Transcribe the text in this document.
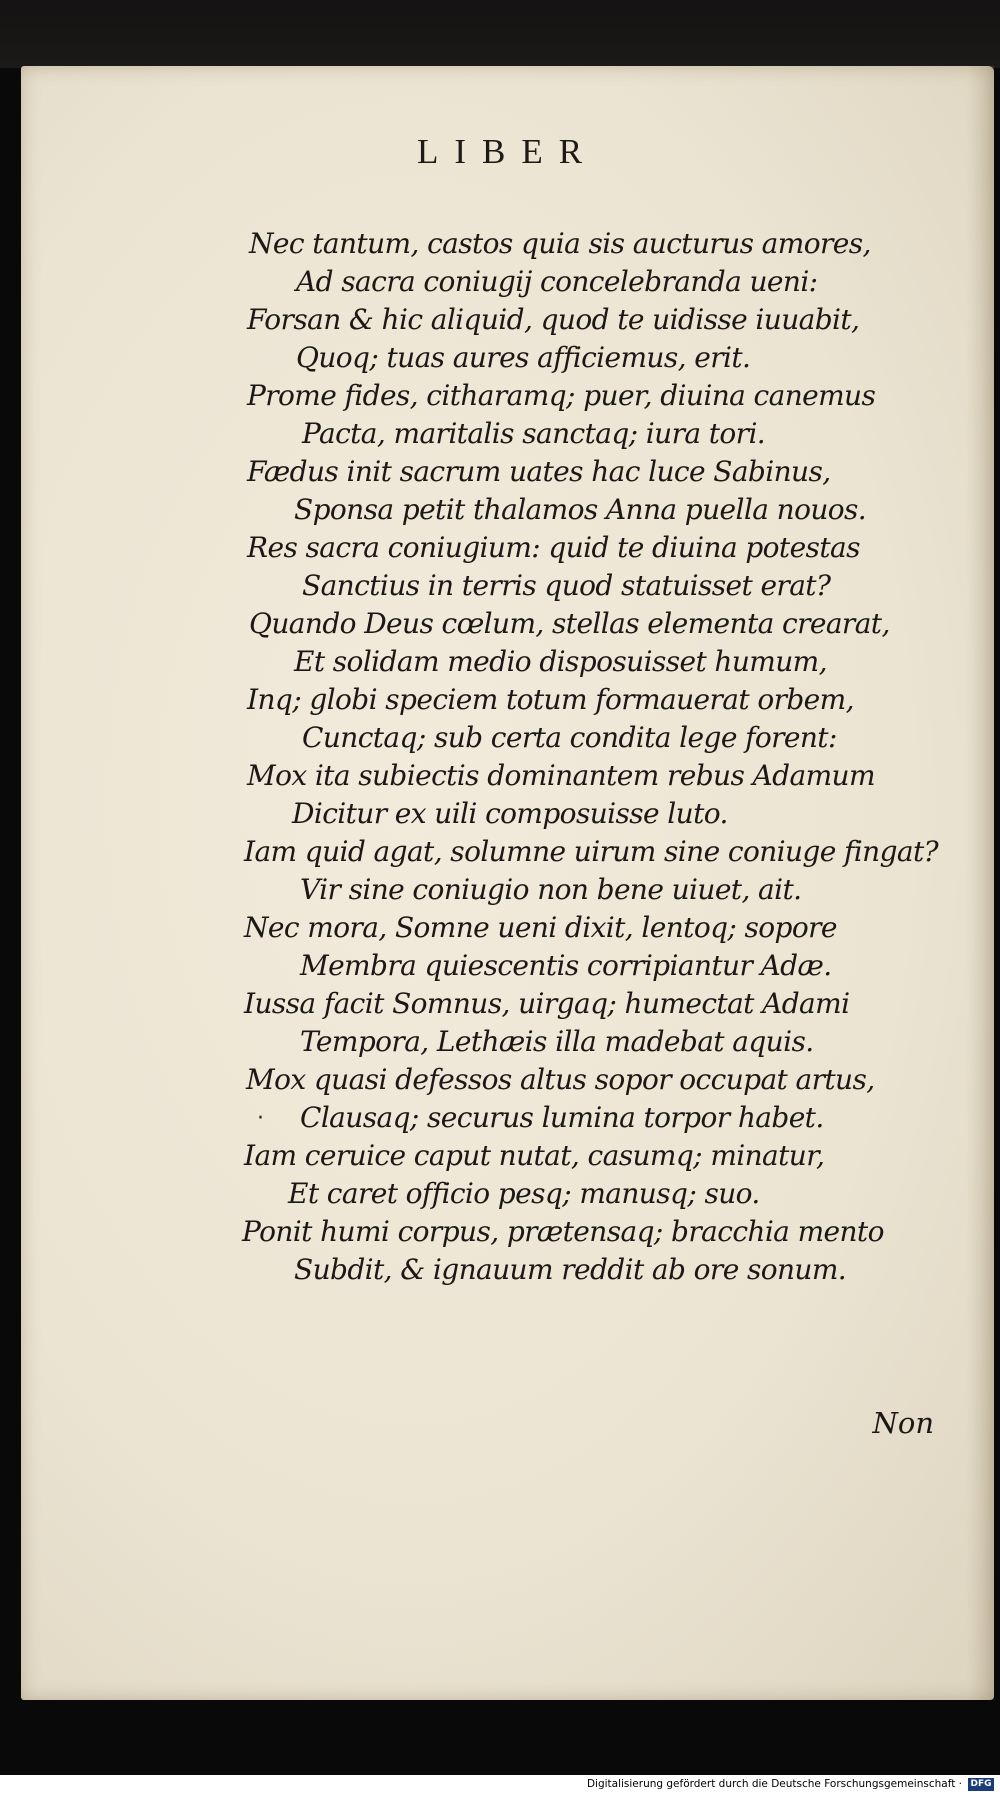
LIBER
Nec tantum, castos quia sis aucturus amores,
Ad sacra coniugij concelebranda ueni:
Forsan & hic aliquid, quod te uidisse iuuabit,
Quoq; tuas aures afficiemus, erit.
Prome fides, citharamq; puer, diuina canemus
Pacta, maritalis sanctaq; iura tori.
Fædus init sacrum uates hac luce Sabinus,
Sponsa petit thalamos Anna puella nouos.
Res sacra coniugium: quid te diuina potestas
Sanctius in terris quod statuisset erat?
Quando Deus cœlum, stellas elementa crearat,
Et solidam medio disposuisset humum,
Inq; globi speciem totum formauerat orbem,
Cunctaq; sub certa condita lege forent:
Mox ita subiectis dominantem rebus Adamum
Dicitur ex uili composuisse luto.
Iam quid agat, solumne uirum sine coniuge fingat?
Vir sine coniugio non bene uiuet, ait.
Nec mora, Somne ueni dixit, lentoq; sopore
Membra quiescentis corripiantur Adæ.
Iussa facit Somnus, uirgaq; humectat Adami
Tempora, Lethæis illa madebat aquis.
Mox quasi defessos altus sopor occupat artus,
Clausaq; securus lumina torpor habet.
Iam ceruice caput nutat, casumq; minatur,
Et caret officio pesq; manusq; suo.
Ponit humi corpus, prætensaq; bracchia mento
Subdit, & ignauum reddit ab ore sonum.
·
Non
Digitalisierung gefördert durch die Deutsche Forschungsgemeinschaft · DFG
